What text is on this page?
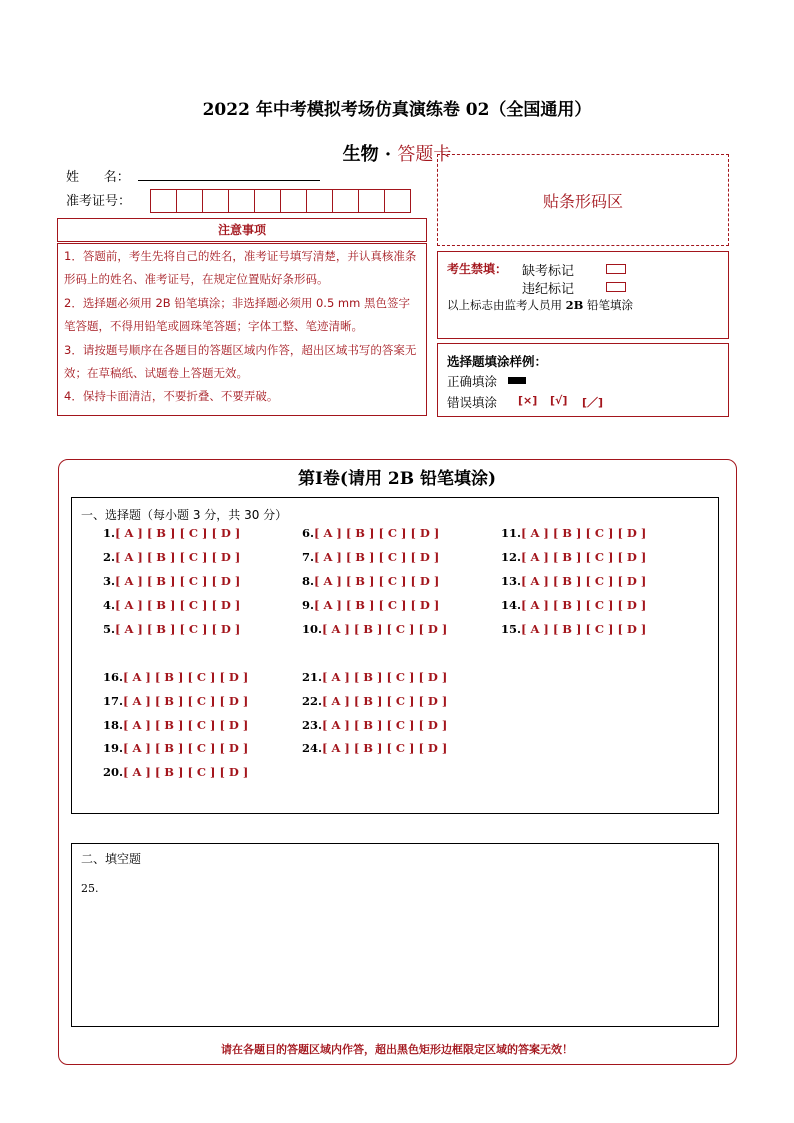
2022 年中考模拟考场仿真演练卷 02（全国通用）
生物 · 答题卡
姓      名：
准考证号：	贴条形码区
注意事项
1．答题前，考生先将自己的姓名，准考证号填写清楚，并认真核准条形码上的姓名、准考证号，在规定位置贴好条形码。
2．选择题必须用 2B 铅笔填涂；非选择题必须用 0.5 mm 黑色签字笔答题，不得用铅笔或圆珠笔答题；字体工整、笔迹清晰。
3．请按题号顺序在各题目的答题区域内作答，超出区域书写的答案无效；在草稿纸、试题卷上答题无效。
4．保持卡面清洁，不要折叠、不要弄破。
考生禁填： 缺考标记
违纪标记
以上标志由监考人员用 2B 铅笔填涂
选择题填涂样例：
正确填涂
错误填涂 [×] [√] [／]
第Ⅰ卷(请用 2B 铅笔填涂)
一、选择题（每小题 3 分，共 30 分）
1.[ A ] [ B ] [ C ] [ D ]
2.[ A ] [ B ] [ C ] [ D ]
3.[ A ] [ B ] [ C ] [ D ]
4.[ A ] [ B ] [ C ] [ D ]
5.[ A ] [ B ] [ C ] [ D ]
6.[ A ] [ B ] [ C ] [ D ]
7.[ A ] [ B ] [ C ] [ D ]
8.[ A ] [ B ] [ C ] [ D ]
9.[ A ] [ B ] [ C ] [ D ]
10.[ A ] [ B ] [ C ] [ D ]
11.[ A ] [ B ] [ C ] [ D ]
12.[ A ] [ B ] [ C ] [ D ]
13.[ A ] [ B ] [ C ] [ D ]
14.[ A ] [ B ] [ C ] [ D ]
15.[ A ] [ B ] [ C ] [ D ]
16.[ A ] [ B ] [ C ] [ D ]
17.[ A ] [ B ] [ C ] [ D ]
18.[ A ] [ B ] [ C ] [ D ]
19.[ A ] [ B ] [ C ] [ D ]
20.[ A ] [ B ] [ C ] [ D ]
21.[ A ] [ B ] [ C ] [ D ]
22.[ A ] [ B ] [ C ] [ D ]
23.[ A ] [ B ] [ C ] [ D ]
24.[ A ] [ B ] [ C ] [ D ]
二、填空题
25.
请在各题目的答题区域内作答，超出黑色矩形边框限定区域的答案无效！
